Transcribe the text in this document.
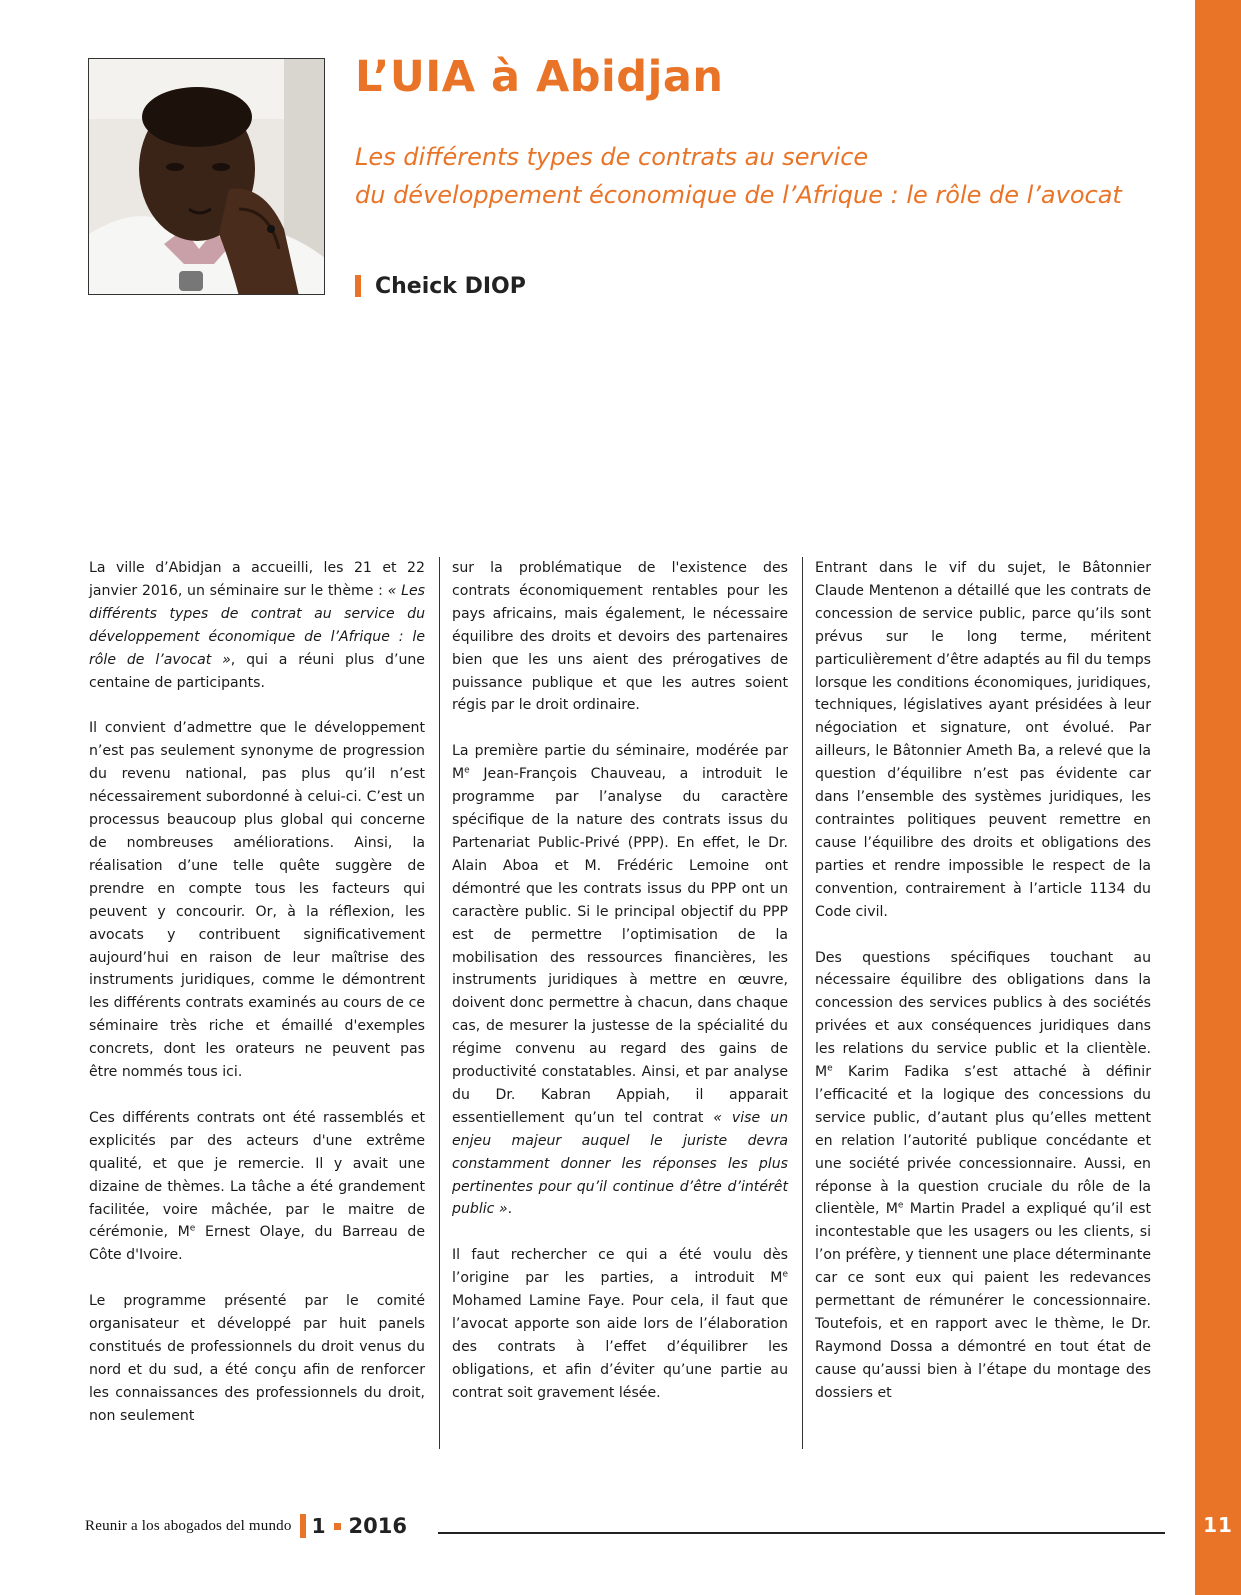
11
L’UIA à Abidjan
Les différents types de contrats au service
du développement économique de l’Afrique : le rôle de l’avocat
Cheick DIOP

La ville d’Abidjan a accueilli, les 21 et 22 janvier 2016, un séminaire sur le thème : « Les différents types de contrat au service du développement économique de l’Afrique : le rôle de l’avocat », qui a réuni plus d’une centaine de participants.

Il convient d’admettre que le développement n’est pas seulement synonyme de progression du revenu national, pas plus qu’il n’est nécessairement subordonné à celui-ci. C’est un processus beaucoup plus global qui concerne de nombreuses améliorations. Ainsi, la réalisation d’une telle quête suggère de prendre en compte tous les facteurs qui peuvent y concourir. Or, à la réflexion, les avocats y contribuent significativement aujourd’hui en raison de leur maîtrise des instruments juridiques, comme le démontrent les différents contrats examinés au cours de ce séminaire très riche et émaillé d'exemples concrets, dont les orateurs ne peuvent pas être nommés tous ici.

Ces différents contrats ont été rassemblés et explicités par des acteurs d'une extrême qualité, et que je remercie. Il y avait une dizaine de thèmes. La tâche a été grandement facilitée, voire mâchée, par le maitre de cérémonie, Me Ernest Olaye, du Barreau de Côte d'Ivoire.

Le programme présenté par le comité organisateur et développé par huit panels constitués de professionnels du droit venus du nord et du sud, a été conçu afin de renforcer les connaissances des professionnels du droit, non seulement

sur la problématique de l'existence des contrats économiquement rentables pour les pays africains, mais également, le nécessaire équilibre des droits et devoirs des partenaires bien que les uns aient des prérogatives de puissance publique et que les autres soient régis par le droit ordinaire.

La première partie du séminaire, modérée par Me Jean-François Chauveau, a introduit le programme par l’analyse du caractère spécifique de la nature des contrats issus du Partenariat Public-Privé (PPP). En effet, le Dr. Alain Aboa et M. Frédéric Lemoine ont démontré que les contrats issus du PPP ont un caractère public. Si le principal objectif du PPP est de permettre l’optimisation de la mobilisation des ressources financières, les instruments juridiques à mettre en œuvre, doivent donc permettre à chacun, dans chaque cas, de mesurer la justesse de la spécialité du régime convenu au regard des gains de productivité constatables. Ainsi, et par analyse du Dr. Kabran Appiah, il apparait essentiellement qu’un tel contrat « vise un enjeu majeur auquel le juriste devra constamment donner les réponses les plus pertinentes pour qu’il continue d’être d’intérêt public ».

Il faut rechercher ce qui a été voulu dès l’origine par les parties, a introduit Me Mohamed Lamine Faye. Pour cela, il faut que l’avocat apporte son aide lors de l’élaboration des contrats à l’effet d’équilibrer les obligations, et afin d’éviter qu’une partie au contrat soit gravement lésée.

Entrant dans le vif du sujet, le Bâtonnier Claude Mentenon a détaillé que les contrats de concession de service public, parce qu’ils sont prévus sur le long terme, méritent particulièrement d’être adaptés au fil du temps lorsque les conditions économiques, juridiques, techniques, législatives ayant présidées à leur négociation et signature, ont évolué. Par ailleurs, le Bâtonnier Ameth Ba, a relevé que la question d’équilibre n’est pas évidente car dans l’ensemble des systèmes juridiques, les contraintes politiques peuvent remettre en cause l’équilibre des droits et obligations des parties et rendre impossible le respect de la convention, contrairement à l’article 1134 du Code civil.

Des questions spécifiques touchant au nécessaire équilibre des obligations dans la concession des services publics à des sociétés privées et aux conséquences juridiques dans les relations du service public et la clientèle. Me Karim Fadika s’est attaché à définir l’efficacité et la logique des concessions du service public, d’autant plus qu’elles mettent en relation l’autorité publique concédante et une société privée concessionnaire. Aussi, en réponse à la question cruciale du rôle de la clientèle, Me Martin Pradel a expliqué qu’il est incontestable que les usagers ou les clients, si l’on préfère, y tiennent une place déterminante car ce sont eux qui paient les redevances permettant de rémunérer le concessionnaire. Toutefois, et en rapport avec le thème, le Dr. Raymond Dossa a démontré en tout état de cause qu’aussi bien à l’étape du montage des dossiers et

Reunir a los abogados del mundo 1 2016
